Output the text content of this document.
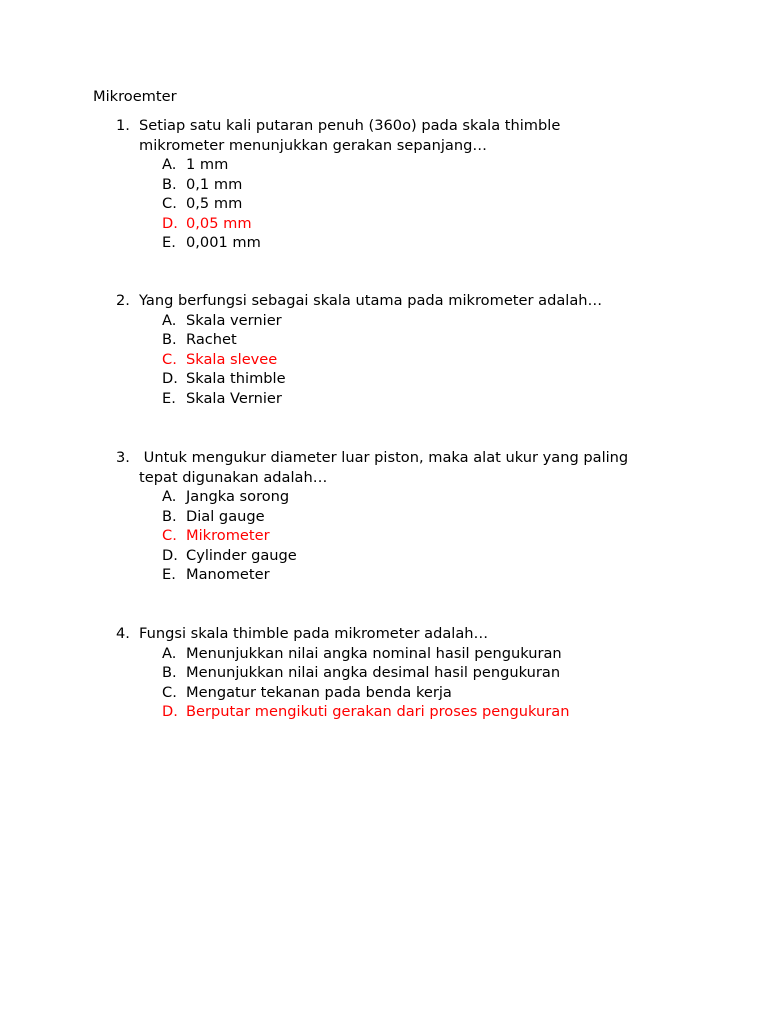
Mikroemter
1. Setiap satu kali putaran penuh (360o) pada skala thimble
mikrometer menunjukkan gerakan sepanjang…
A. 1 mm
B. 0,1 mm
C. 0,5 mm
D. 0,05 mm
E. 0,001 mm
2. Yang berfungsi sebagai skala utama pada mikrometer adalah…
A. Skala vernier
B. Rachet
C. Skala slevee
D. Skala thimble
E. Skala Vernier
3. Untuk mengukur diameter luar piston, maka alat ukur yang paling
tepat digunakan adalah…
A. Jangka sorong
B. Dial gauge
C. Mikrometer
D. Cylinder gauge
E. Manometer
4. Fungsi skala thimble pada mikrometer adalah…
A. Menunjukkan nilai angka nominal hasil pengukuran
B. Menunjukkan nilai angka desimal hasil pengukuran
C. Mengatur tekanan pada benda kerja
D. Berputar mengikuti gerakan dari proses pengukuran
